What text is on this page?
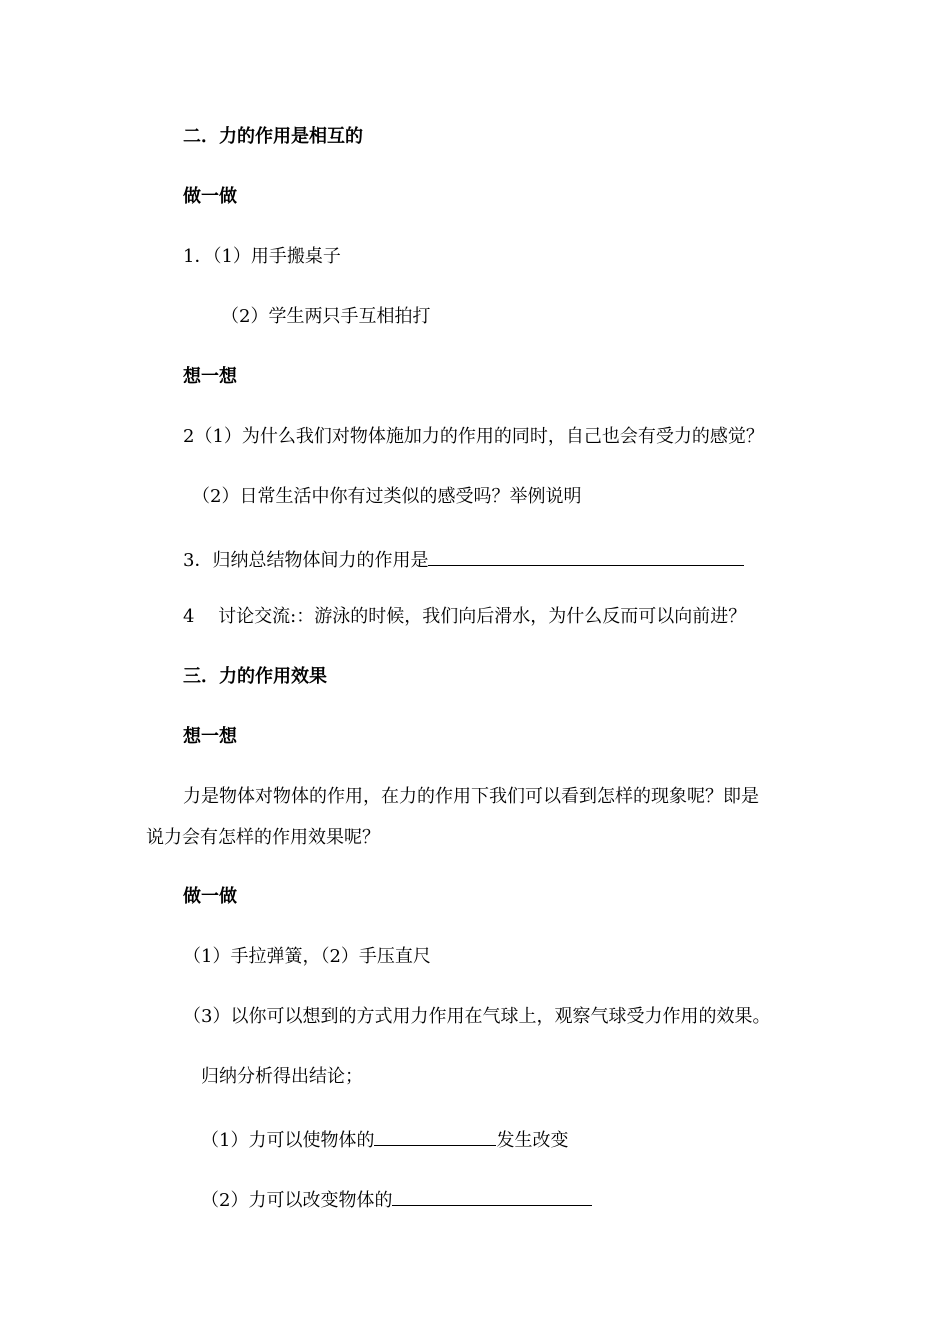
二．力的作用是相互的
做一做
1．（1）用手搬桌子
（2）学生两只手互相拍打
想一想
2（1）为什么我们对物体施加力的作用的同时，自己也会有受力的感觉？
（2）日常生活中你有过类似的感受吗？举例说明
3．归纳总结物体间力的作用是
4　 讨论交流:：游泳的时候，我们向后滑水，为什么反而可以向前进？
三．力的作用效果
想一想
力是物体对物体的作用，在力的作用下我们可以看到怎样的现象呢？即是
说力会有怎样的作用效果呢？
做一做
（1）手拉弹簧，（2）手压直尺
（3）以你可以想到的方式用力作用在气球上，观察气球受力作用的效果。
归纳分析得出结论；
（1）力可以使物体的	发生改变
（2）力可以改变物体的
